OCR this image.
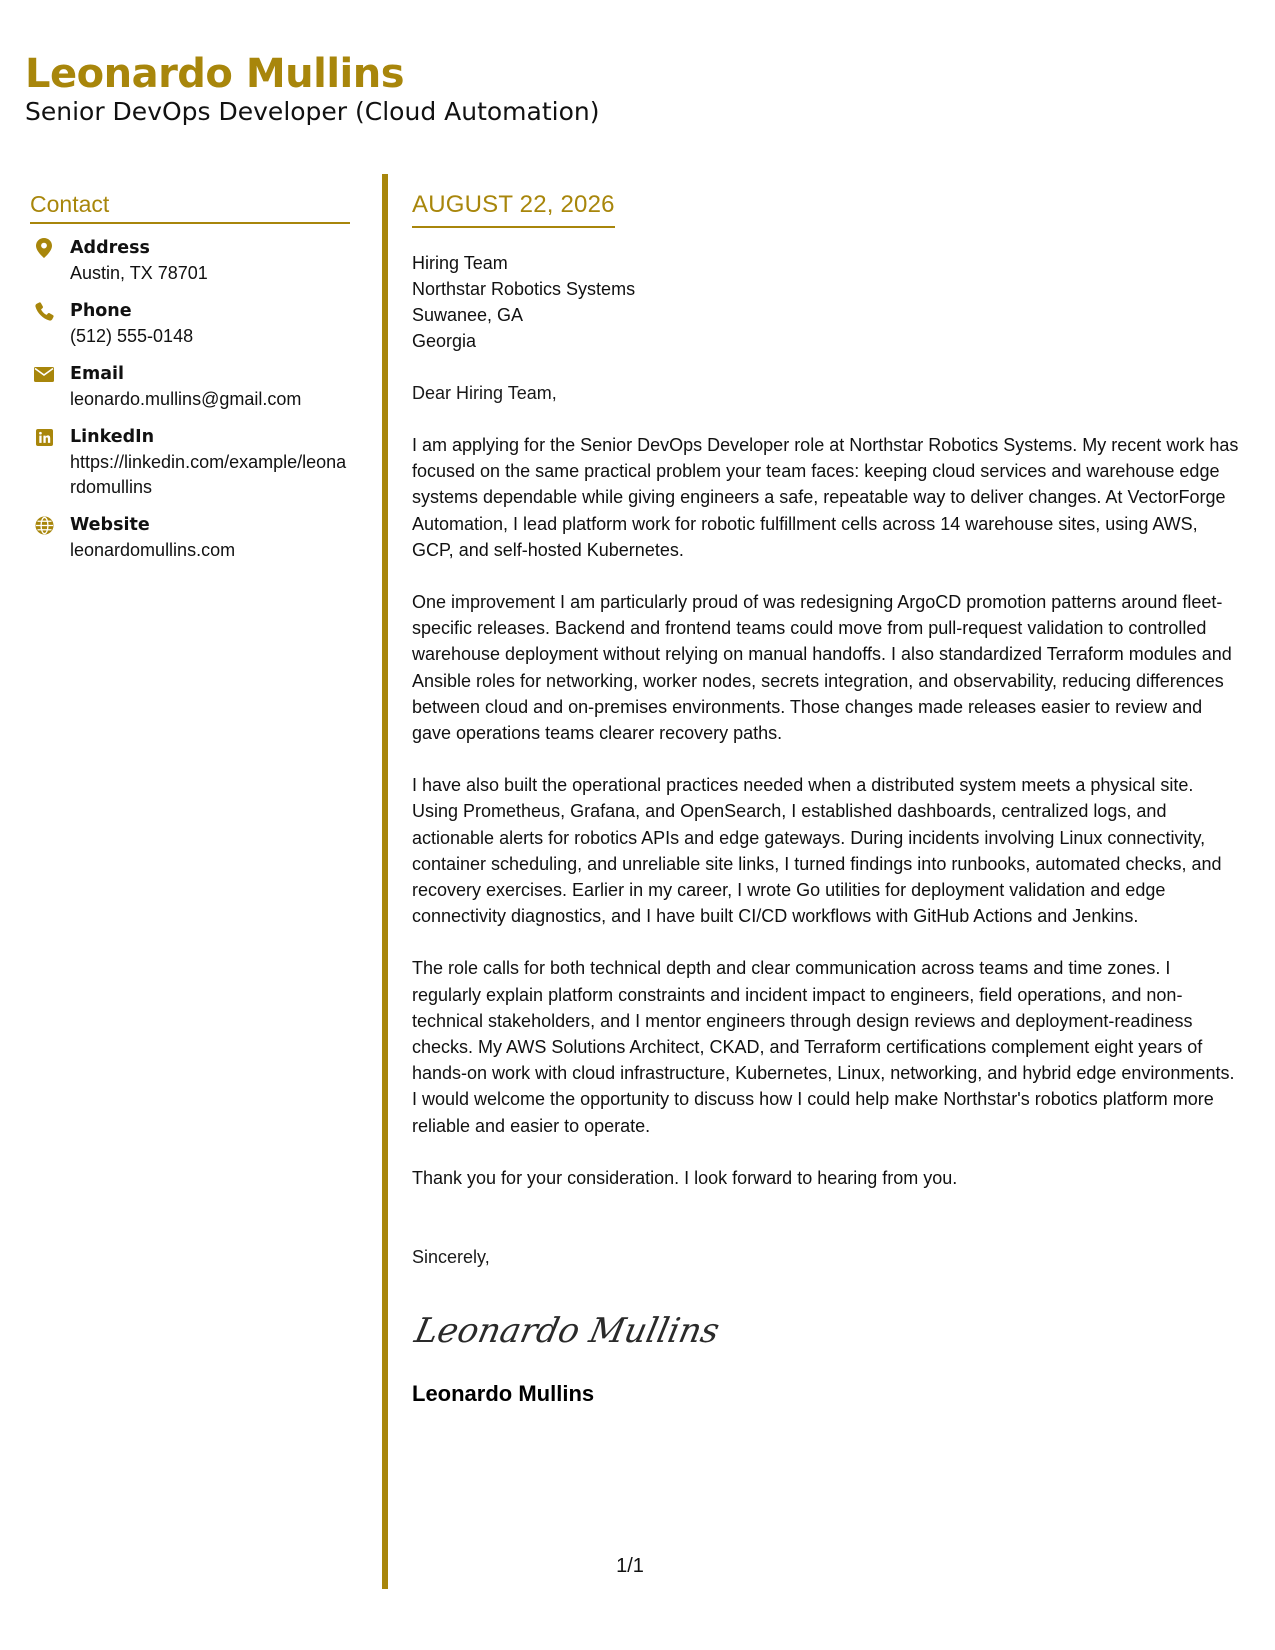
Leonardo Mullins
Senior DevOps Developer (Cloud Automation)
Contact
Address
Austin, TX 78701
Phone
(512) 555-0148
Email
leonardo.mullins@gmail.com
LinkedIn
https://linkedin.com/example/leonardomullins
Website
leonardomullins.com
AUGUST 22, 2026
Hiring Team
Northstar Robotics Systems
Suwanee, GA
Georgia
Dear Hiring Team,
I am applying for the Senior DevOps Developer role at Northstar Robotics Systems. My recent work has focused on the same practical problem your team faces: keeping cloud services and warehouse edge systems dependable while giving engineers a safe, repeatable way to deliver changes. At VectorForge Automation, I lead platform work for robotic fulfillment cells across 14 warehouse sites, using AWS, GCP, and self-hosted Kubernetes.
One improvement I am particularly proud of was redesigning ArgoCD promotion patterns around fleet-specific releases. Backend and frontend teams could move from pull-request validation to controlled warehouse deployment without relying on manual handoffs. I also standardized Terraform modules and Ansible roles for networking, worker nodes, secrets integration, and observability, reducing differences between cloud and on-premises environments. Those changes made releases easier to review and gave operations teams clearer recovery paths.
I have also built the operational practices needed when a distributed system meets a physical site. Using Prometheus, Grafana, and OpenSearch, I established dashboards, centralized logs, and actionable alerts for robotics APIs and edge gateways. During incidents involving Linux connectivity, container scheduling, and unreliable site links, I turned findings into runbooks, automated checks, and recovery exercises. Earlier in my career, I wrote Go utilities for deployment validation and edge connectivity diagnostics, and I have built CI/CD workflows with GitHub Actions and Jenkins.
The role calls for both technical depth and clear communication across teams and time zones. I regularly explain platform constraints and incident impact to engineers, field operations, and non-technical stakeholders, and I mentor engineers through design reviews and deployment-readiness checks. My AWS Solutions Architect, CKAD, and Terraform certifications complement eight years of hands-on work with cloud infrastructure, Kubernetes, Linux, networking, and hybrid edge environments. I would welcome the opportunity to discuss how I could help make Northstar's robotics platform more reliable and easier to operate.
Thank you for your consideration. I look forward to hearing from you.
Sincerely,
Leonardo Mullins
Leonardo Mullins
1/1
